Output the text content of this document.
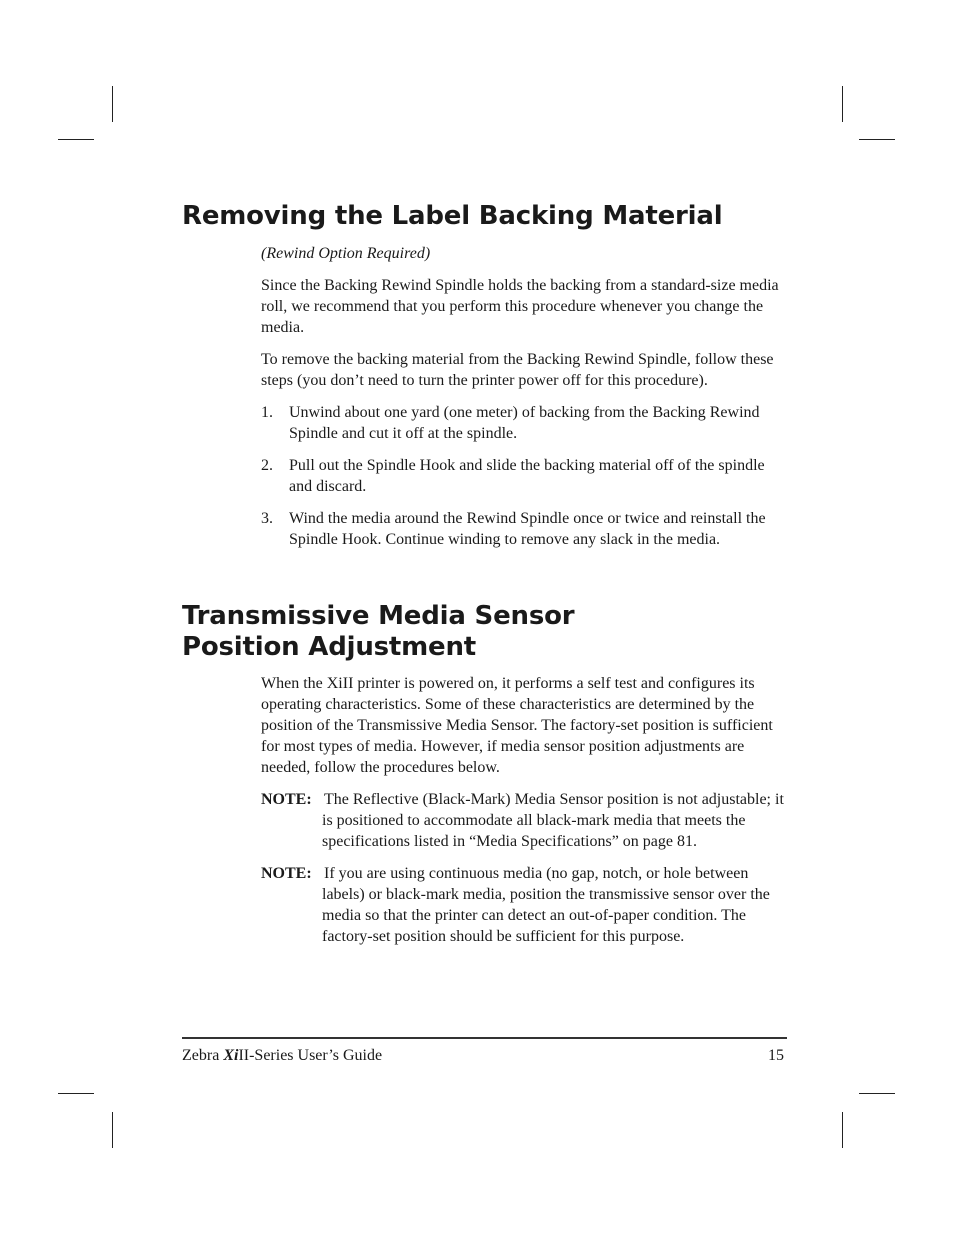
Removing the Label Backing Material

(Rewind Option Required)

Since the Backing Rewind Spindle holds the backing from a standard-size media roll, we recommend that you perform this procedure whenever you change the media.

To remove the backing material from the Backing Rewind Spindle, follow these steps (you don’t need to turn the printer power off for this procedure).

1. Unwind about one yard (one meter) of backing from the Backing Rewind Spindle and cut it off at the spindle.
2. Pull out the Spindle Hook and slide the backing material off of the spindle and discard.
3. Wind the media around the Rewind Spindle once or twice and reinstall the Spindle Hook. Continue winding to remove any slack in the media.
Transmissive Media Sensor
Position Adjustment

When the XiII printer is powered on, it performs a self test and configures its operating characteristics. Some of these characteristics are determined by the position of the Transmissive Media Sensor. The factory-set position is sufficient for most types of media. However, if media sensor position adjustments are needed, follow the procedures below.

NOTE: The Reflective (Black-Mark) Media Sensor position is not adjustable; it is positioned to accommodate all black-mark media that meets the specifications listed in “Media Specifications” on page 81.
NOTE: If you are using continuous media (no gap, notch, or hole between labels) or black-mark media, position the transmissive sensor over the media so that the printer can detect an out-of-paper condition. The factory-set position should be sufficient for this purpose.
Zebra XiII-Series User’s Guide	15
